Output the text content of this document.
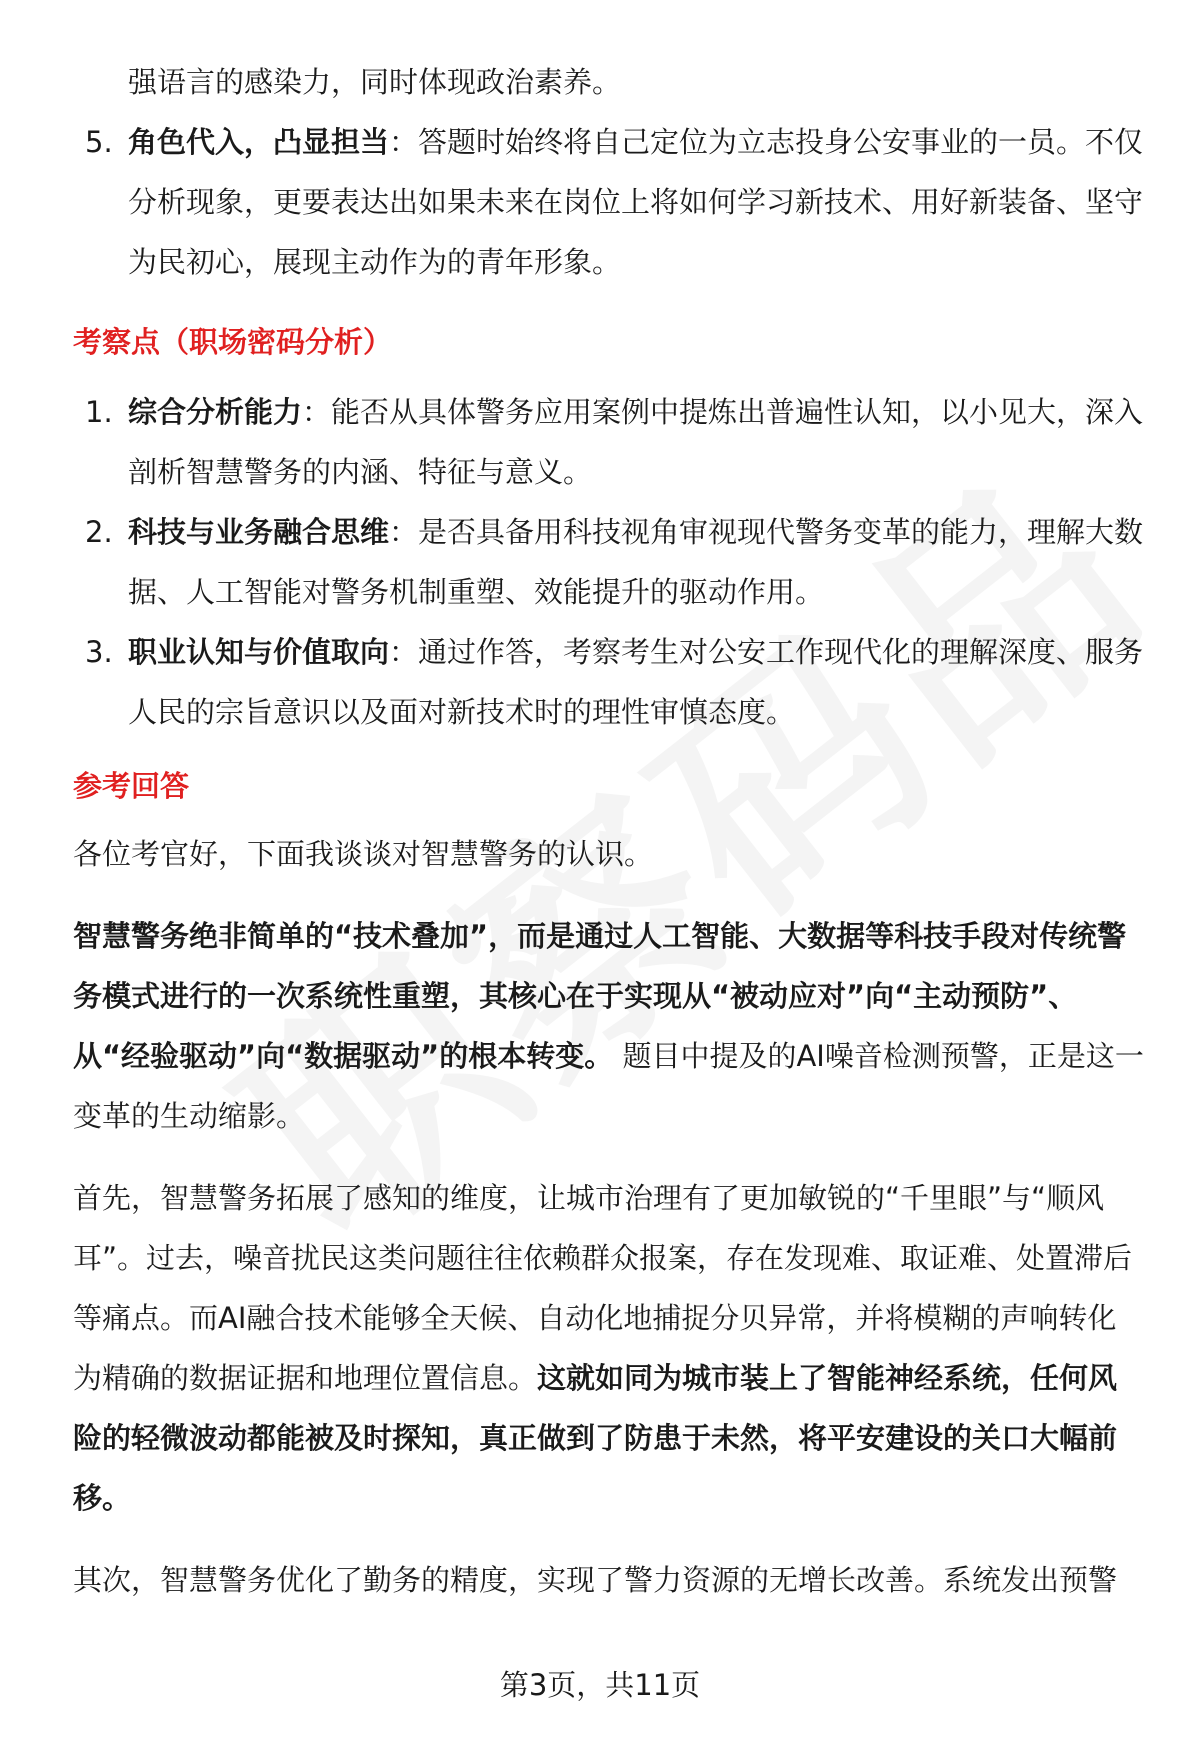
强语言的感染力，同时体现政治素养。

5. 角色代入，凸显担当：答题时始终将自己定位为立志投身公安事业的一员。不仅分析现象，更要表达出如果未来在岗位上将如何学习新技术、用好新装备、坚守为民初心，展现主动作为的青年形象。

考察点（职场密码分析）

1. 综合分析能力：能否从具体警务应用案例中提炼出普遍性认知，以小见大，深入剖析智慧警务的内涵、特征与意义。
2. 科技与业务融合思维：是否具备用科技视角审视现代警务变革的能力，理解大数据、人工智能对警务机制重塑、效能提升的驱动作用。
3. 职业认知与价值取向：通过作答，考察考生对公安工作现代化的理解深度、服务人民的宗旨意识以及面对新技术时的理性审慎态度。

参考回答

各位考官好，下面我谈谈对智慧警务的认识。

智慧警务绝非简单的“技术叠加”，而是通过人工智能、大数据等科技手段对传统警务模式进行的一次系统性重塑，其核心在于实现从“被动应对”向“主动预防”、从“经验驱动”向“数据驱动”的根本转变。 题目中提及的AI噪音检测预警，正是这一变革的生动缩影。

首先，智慧警务拓展了感知的维度，让城市治理有了更加敏锐的“千里眼”与“顺风耳”。过去，噪音扰民这类问题往往依赖群众报案，存在发现难、取证难、处置滞后等痛点。而AI融合技术能够全天候、自动化地捕捉分贝异常，并将模糊的声响转化为精确的数据证据和地理位置信息。这就如同为城市装上了智能神经系统，任何风险的轻微波动都能被及时探知，真正做到了防患于未然，将平安建设的关口大幅前移。

其次，智慧警务优化了勤务的精度，实现了警力资源的无增长改善。系统发出预警

第3页，共11页
